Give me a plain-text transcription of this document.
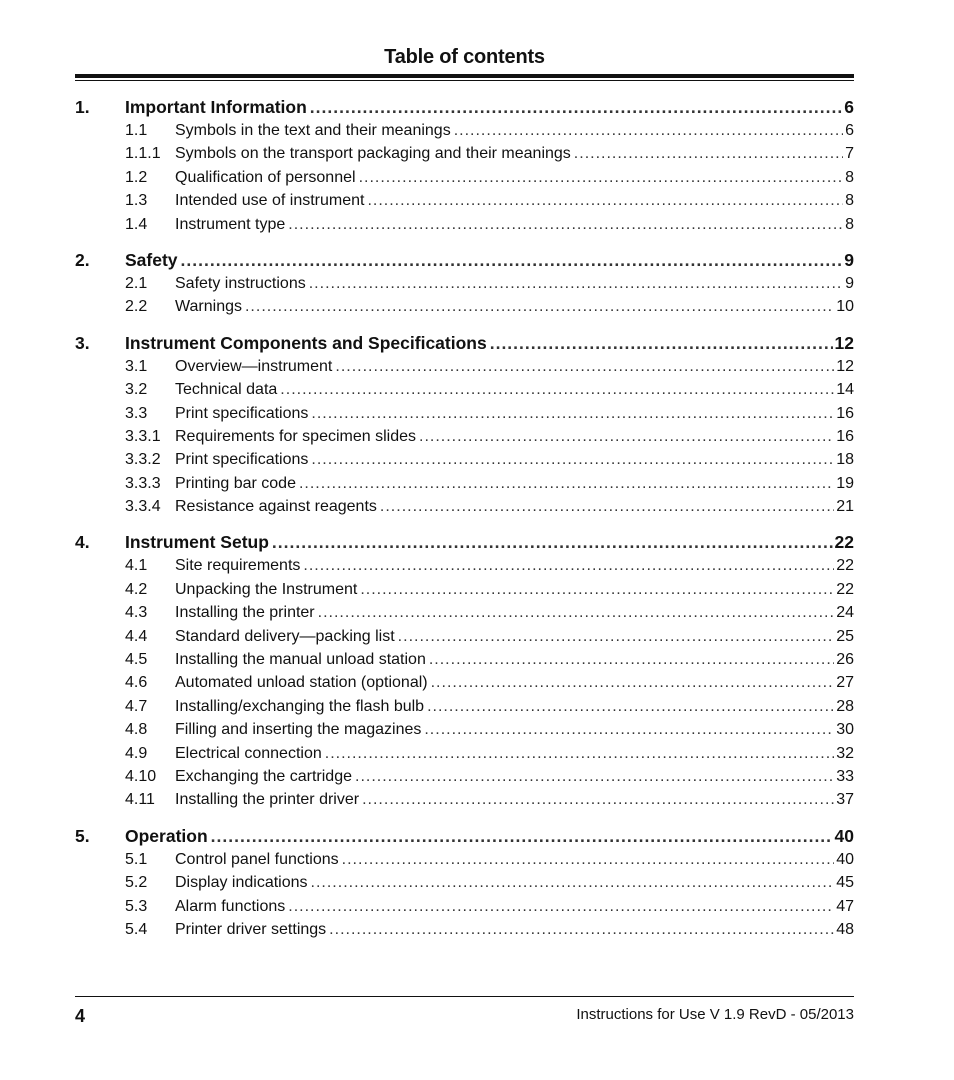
Table of contents
1.	Important Information .....	6
1.1	Symbols in the text and their meanings .....	6
1.1.1 Symbols on the transport packaging and their meanings .....	7
1.2	Qualification of personnel .....	8
1.3	Intended use of instrument .....	8
1.4	Instrument type .....	8
2.	Safety .....	9
2.1	Safety instructions .....	9
2.2	Warnings .....	10
3.	Instrument Components and Specifications .....	12
3.1	Overview—instrument .....	12
3.2	Technical data .....	14
3.3	Print specifications .....	16
3.3.1 Requirements for specimen slides .....	16
3.3.2 Print specifications .....	18
3.3.3 Printing bar code .....	19
3.3.4 Resistance against reagents .....	21
4.	Instrument Setup .....	22
4.1	Site requirements .....	22
4.2	Unpacking the Instrument .....	22
4.3	Installing the printer .....	24
4.4	Standard delivery—packing list .....	25
4.5	Installing the manual unload station .....	26
4.6	Automated unload station (optional) .....	27
4.7	Installing/exchanging the flash bulb .....	28
4.8	Filling and inserting the magazines .....	30
4.9	Electrical connection .....	32
4.10	Exchanging the cartridge .....	33
4.11	Installing the printer driver .....	37
5.	Operation .....	40
5.1	Control panel functions .....	40
5.2	Display indications .....	45
5.3	Alarm functions .....	47
5.4	Printer driver settings .....	48
4	Instructions for Use V 1.9 RevD - 05/2013
